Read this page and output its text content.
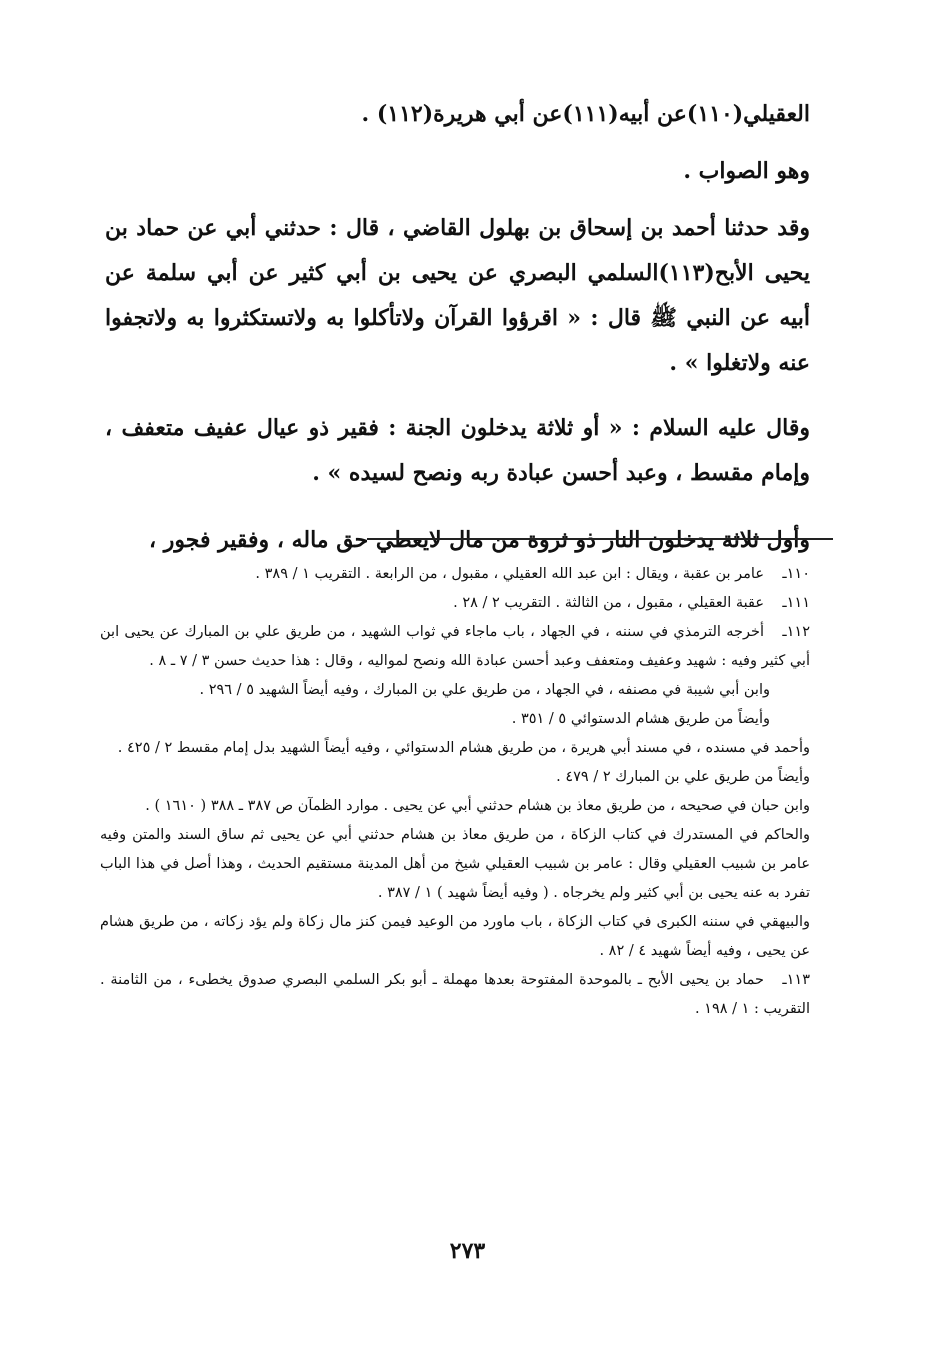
العقيلي(١١٠)عن أبيه(١١١)عن أبي هريرة(١١٢) .

وهو الصواب .

وقد حدثنا أحمد بن إسحاق بن بهلول القاضي ، قال : حدثني أبي عن حماد بن يحيى الأبح(١١٣)السلمي البصري عن يحيى بن أبي كثير عن أبي سلمة عن أبيه عن النبي ﷺ قال : « اقرؤوا القرآن ولاتأكلوا به ولاتستكثروا به ولاتجفوا عنه ولاتغلوا » .

وقال عليه السلام : « أو ثلاثة يدخلون الجنة : فقير ذو عيال عفيف متعفف ، وإمام مقسط ، وعبد أحسن عبادة ربه ونصح لسيده » .

وأول ثلاثة يدخلون النار ذو ثروة من مال لايعطي حق ماله ، وفقير فجور ،

١١٠ـعامر بن عقبة ، ويقال : ابن عبد الله العقيلي ، مقبول ، من الرابعة . التقريب ١ / ٣٨٩ .

١١١ـعقبة العقيلي ، مقبول ، من الثالثة . التقريب ٢ / ٢٨ .

١١٢ـأخرجه الترمذي في سننه ، في الجهاد ، باب ماجاء في ثواب الشهيد ، من طريق علي بن المبارك عن يحيى ابن أبي كثير وفيه : شهيد وعفيف ومتعفف وعبد أحسن عبادة الله ونصح لمواليه ، وقال : هذا حديث حسن ٣ / ٧ ـ ٨ .

وابن أبي شيبة في مصنفه ، في الجهاد ، من طريق علي بن المبارك ، وفيه أيضاً الشهيد ٥ / ٢٩٦ .

وأيضاً من طريق هشام الدستوائي ٥ / ٣٥١ .

وأحمد في مسنده ، في مسند أبي هريرة ، من طريق هشام الدستوائي ، وفيه أيضاً الشهيد بدل إمام مقسط ٢ / ٤٢٥ .

وأيضاً من طريق علي بن المبارك ٢ / ٤٧٩ .

وابن حبان في صحيحه ، من طريق معاذ بن هشام حدثني أبي عن يحيى . موارد الظمآن ص ٣٨٧ ـ ٣٨٨ ( ١٦١٠ ) .

والحاكم في المستدرك في كتاب الزكاة ، من طريق معاذ بن هشام حدثني أبي عن يحيى ثم ساق السند والمتن وفيه عامر بن شبيب العقيلي وقال : عامر بن شبيب العقيلي شيخ من أهل المدينة مستقيم الحديث ، وهذا أصل في هذا الباب تفرد به عنه يحيى بن أبي كثير ولم يخرجاه . ( وفيه أيضاً شهيد ) ١ / ٣٨٧ .

والبيهقي في سننه الكبرى في كتاب الزكاة ، باب ماورد من الوعيد فيمن كنز مال زكاة ولم يؤد زكاته ، من طريق هشام عن يحيى ، وفيه أيضاً شهيد ٤ / ٨٢ .

١١٣ـحماد بن يحيى الأبح ـ بالموحدة المفتوحة بعدها مهملة ـ أبو بكر السلمي البصري صدوق يخطىء ، من الثامنة . التقريب : ١ / ١٩٨ .

٢٧٣
